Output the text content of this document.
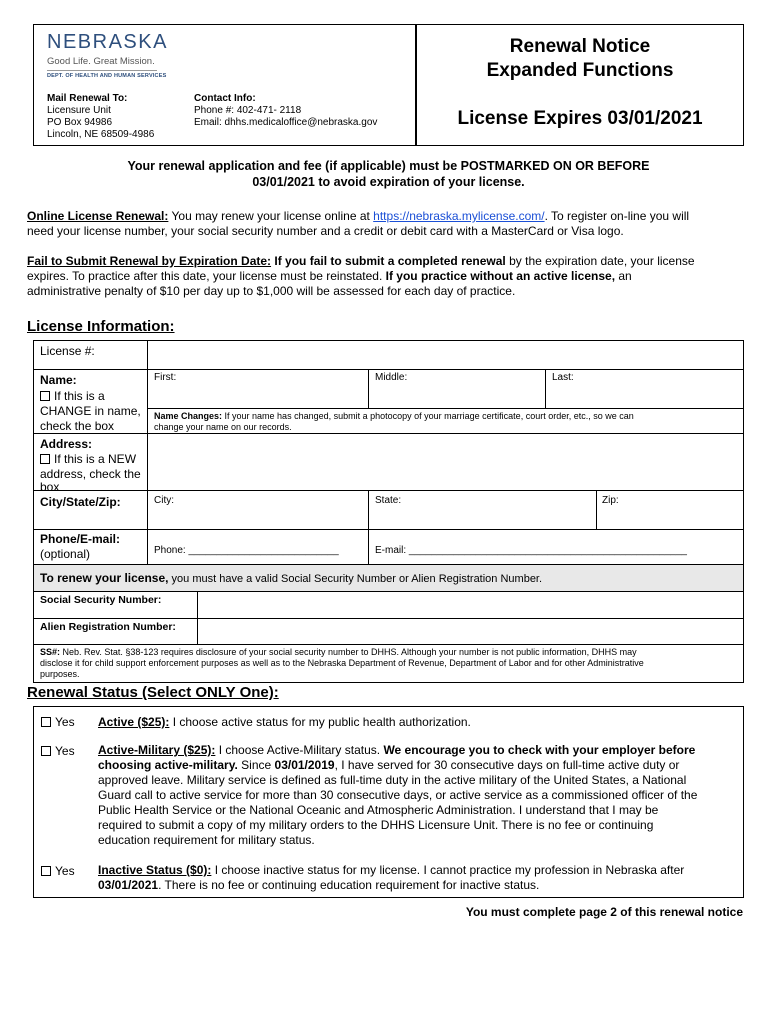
NEBRASKA
Good Life. Great Mission.
DEPT. OF HEALTH AND HUMAN SERVICES
Mail Renewal To:
Licensure Unit
PO Box 94986
Lincoln, NE 68509-4986
Contact Info:
Phone #: 402-471- 2118
Email: dhhs.medicaloffice@nebraska.gov
Renewal Notice
Expanded Functions
License Expires 03/01/2021
Your renewal application and fee (if applicable) must be POSTMARKED ON OR BEFORE
03/01/2021 to avoid expiration of your license.
Online License Renewal: You may renew your license online at https://nebraska.mylicense.com/. To register on-line you will
need your license number, your social security number and a credit or debit card with a MasterCard or Visa logo.
Fail to Submit Renewal by Expiration Date: If you fail to submit a completed renewal by the expiration date, your license
expires. To practice after this date, your license must be reinstated. If you practice without an active license, an
administrative penalty of $10 per day up to $1,000 will be assessed for each day of practice.
License Information:
License #:
Name:
If this is a
CHANGE in name,
check the box
First:	Middle:	Last:
Name Changes: If your name has changed, submit a photocopy of your marriage certificate, court order, etc., so we can
change your name on our records.
Address:
If this is a NEW
address, check the
box
City/State/Zip:	City:	State:	Zip:
Phone/E-mail:
(optional)	Phone: ___________________________	E-mail: __________________________________________________
To renew your license, you must have a valid Social Security Number or Alien Registration Number.
Social Security Number:
Alien Registration Number:
SS#: Neb. Rev. Stat. §38-123 requires disclosure of your social security number to DHHS. Although your number is not public information, DHHS may
disclose it for child support enforcement purposes as well as to the Nebraska Department of Revenue, Department of Labor and for other Administrative
purposes.
Renewal Status (Select ONLY One):
Yes Active ($25): I choose active status for my public health authorization.
Yes Active-Military ($25): I choose Active-Military status. We encourage you to check with your employer before
choosing active-military. Since 03/01/2019, I have served for 30 consecutive days on full-time active duty or
approved leave. Military service is defined as full-time duty in the active military of the United States, a National
Guard call to active service for more than 30 consecutive days, or active service as a commissioned officer of the
Public Health Service or the National Oceanic and Atmospheric Administration. I understand that I may be
required to submit a copy of my military orders to the DHHS Licensure Unit. There is no fee or continuing
education requirement for military status.
Yes Inactive Status ($0): I choose inactive status for my license. I cannot practice my profession in Nebraska after
03/01/2021. There is no fee or continuing education requirement for inactive status.
You must complete page 2 of this renewal notice
